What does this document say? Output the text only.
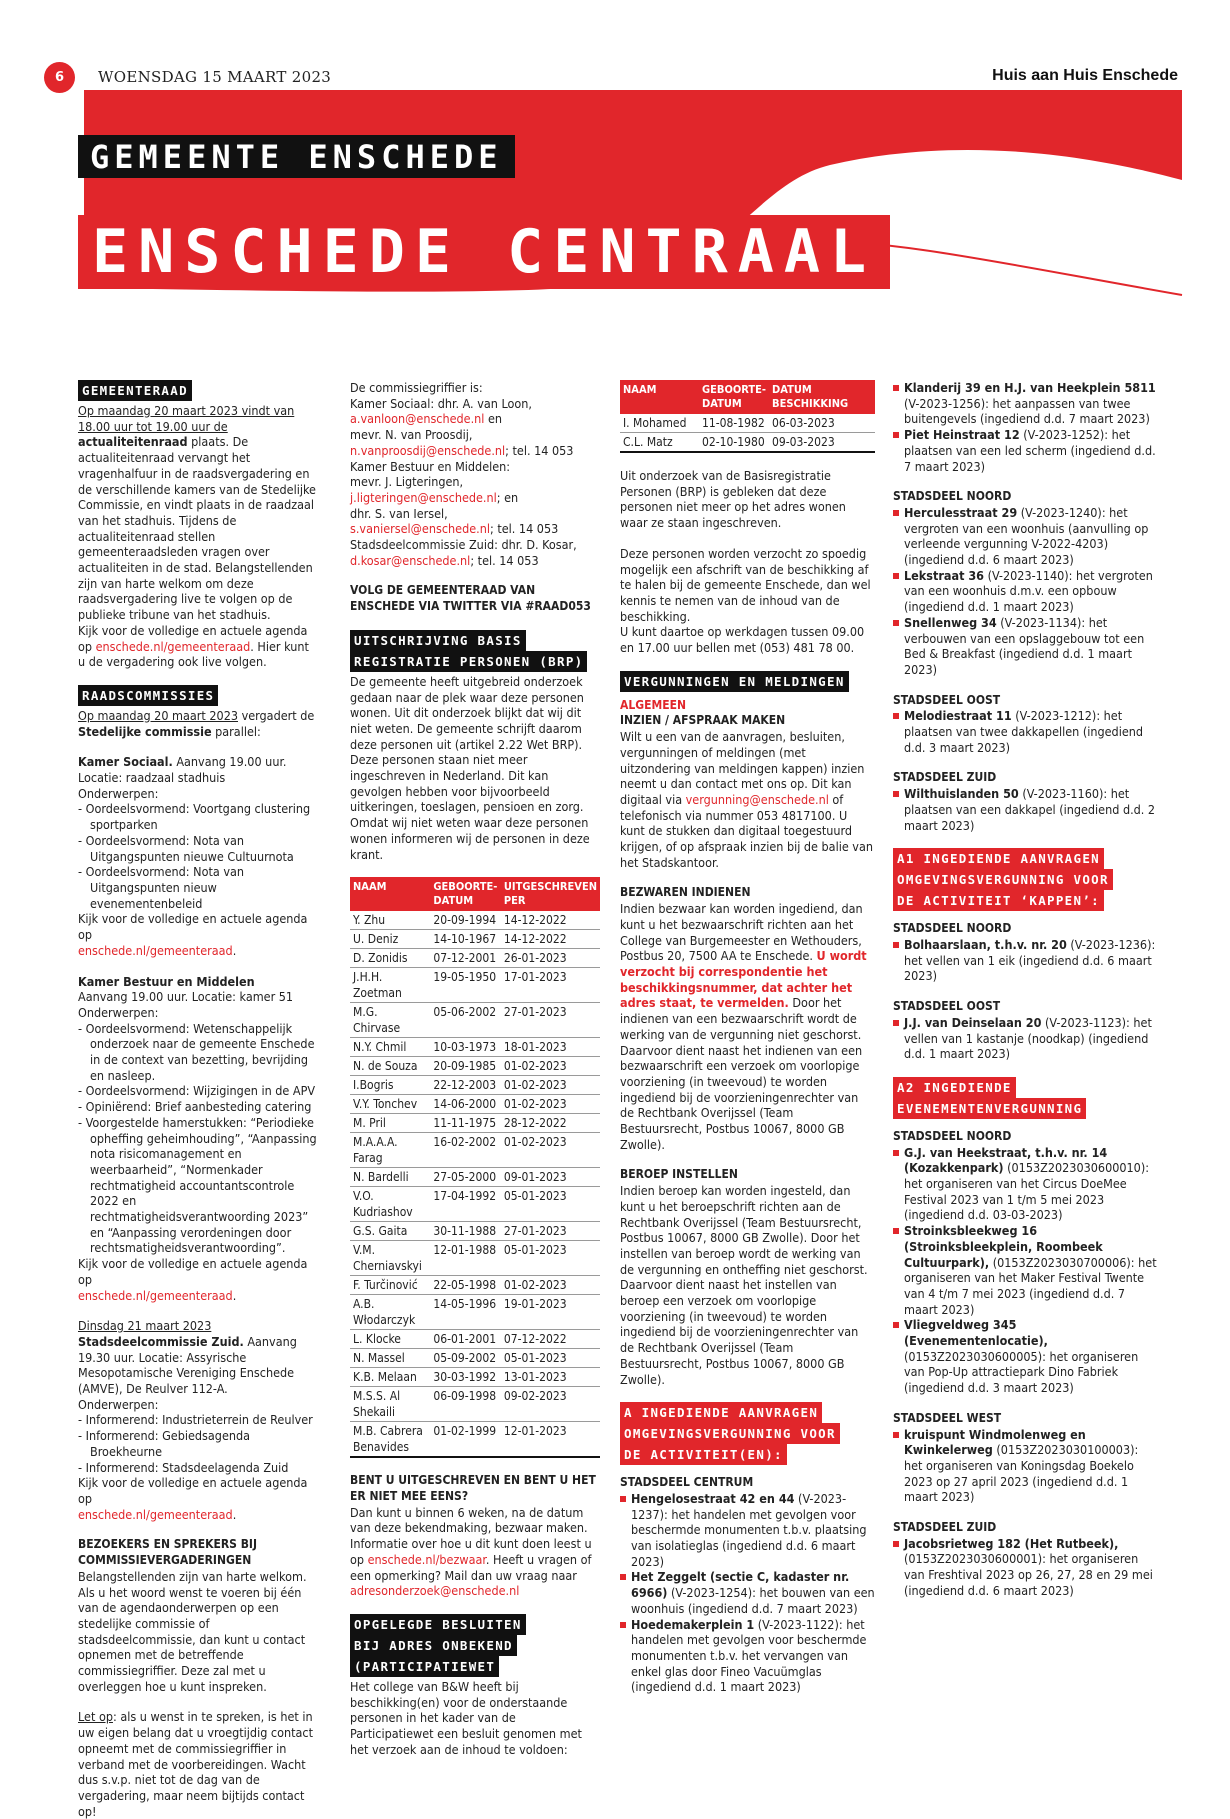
6	WOENSDAG 15 MAART 2023	Huis aan Huis Enschede
GEMEENTE ENSCHEDE
ENSCHEDE CENTRAAL
GEMEENTERAAD

Op maandag 20 maart 2023 vindt van 18.00 uur tot 19.00 uur de actualiteitenraad plaats. De actualiteitenraad vervangt het vragenhalfuur in de raadsvergadering en de verschillende kamers van de Stedelijke Commissie, en vindt plaats in de raadzaal van het stadhuis. Tijdens de actualiteitenraad stellen gemeenteraadsleden vragen over actualiteiten in de stad. Belangstellenden zijn van harte welkom om deze raadsvergadering live te volgen op de publieke tribune van het stadhuis.

Kijk voor de volledige en actuele agenda op enschede.nl/gemeenteraad. Hier kunt u de vergadering ook live volgen.

RAADSCOMMISSIES

Op maandag 20 maart 2023 vergadert de Stedelijke commissie parallel:

Kamer Sociaal. Aanvang 19.00 uur. Locatie: raadzaal stadhuis

Onderwerpen:

- Oordeelsvormend: Voortgang clustering sportparken
- Oordeelsvormend: Nota van Uitgangspunten nieuwe Cultuurnota
- Oordeelsvormend: Nota van Uitgangspunten nieuw evenementenbeleid

Kijk voor de volledige en actuele agenda op

enschede.nl/gemeenteraad.

Kamer Bestuur en Middelen

Aanvang 19.00 uur. Locatie: kamer 51

Onderwerpen:

- Oordeelsvormend: Wetenschappelijk onderzoek naar de gemeente Enschede in de context van bezetting, bevrijding en nasleep.
- Oordeelsvormend: Wijzigingen in de APV
- Opiniërend: Brief aanbesteding catering
- Voorgestelde hamerstukken: “Periodieke opheffing geheimhouding”, “Aanpassing nota risicomanagement en weerbaarheid”, “Normenkader rechtmatigheid accountantscontrole 2022 en rechtmatigheidsverantwoording 2023” en “Aanpassing verordeningen door rechtsmatigheidsverantwoording”.

Kijk voor de volledige en actuele agenda op

enschede.nl/gemeenteraad.

Dinsdag 21 maart 2023

Stadsdeelcommissie Zuid. Aanvang 19.30 uur. Locatie: Assyrische Mesopotamische Vereniging Enschede (AMVE), De Reulver 112-A.

Onderwerpen:

- Informerend: Industrieterrein de Reulver
- Informerend: Gebiedsagenda Broekheurne
- Informerend: Stadsdeelagenda Zuid

Kijk voor de volledige en actuele agenda op

enschede.nl/gemeenteraad.

BEZOEKERS EN SPREKERS BIJ COMMISSIEVERGADERINGEN

Belangstellenden zijn van harte welkom. Als u het woord wenst te voeren bij één van de agendaonderwerpen op een stedelijke commissie of stadsdeelcommissie, dan kunt u contact opnemen met de betreffende commissiegriffier. Deze zal met u overleggen hoe u kunt inspreken.

Let op: als u wenst in te spreken, is het in uw eigen belang dat u vroegtijdig contact opneemt met de commissiegriffier in verband met de voorbereidingen. Wacht dus s.v.p. niet tot de dag van de vergadering, maar neem bijtijds contact op!

De commissiegriffier is:

Kamer Sociaal: dhr. A. van Loon,

a.vanloon@enschede.nl en

mevr. N. van Proosdij,

n.vanproosdij@enschede.nl; tel. 14 053

Kamer Bestuur en Middelen:

mevr. J. Ligteringen,

j.ligteringen@enschede.nl; en

dhr. S. van Iersel,

s.vaniersel@enschede.nl; tel. 14 053

Stadsdeelcommissie Zuid: dhr. D. Kosar,

d.kosar@enschede.nl; tel. 14 053

VOLG DE GEMEENTERAAD VAN ENSCHEDE VIA TWITTER VIA #RAAD053

UITSCHRIJVING BASIS
REGISTRATIE PERSONEN (BRP)

De gemeente heeft uitgebreid onderzoek gedaan naar de plek waar deze personen wonen. Uit dit onderzoek blijkt dat wij dit niet weten. De gemeente schrijft daarom deze personen uit (artikel 2.22 Wet BRP). Deze personen staan niet meer ingeschreven in Nederland. Dit kan gevolgen hebben voor bijvoorbeeld uitkeringen, toeslagen, pensioen en zorg. Omdat wij niet weten waar deze personen wonen informeren wij de personen in deze krant.

NAAM	GEBOORTE-DATUM	UITGESCHREVEN PER
Y. Zhu	20-09-1994	14-12-2022
U. Deniz	14-10-1967	14-12-2022
D. Zonidis	07-12-2001	26-01-2023
J.H.H. Zoetman	19-05-1950	17-01-2023
M.G. Chirvase	05-06-2002	27-01-2023
N.Y. Chmil	10-03-1973	18-01-2023
N. de Souza	20-09-1985	01-02-2023
I.Bogris	22-12-2003	01-02-2023
V.Y. Tonchev	14-06-2000	01-02-2023
M. Pril	11-11-1975	28-12-2022
M.A.A.A. Farag	16-02-2002	01-02-2023
N. Bardelli	27-05-2000	09-01-2023
V.O. Kudriashov	17-04-1992	05-01-2023
G.S. Gaita	30-11-1988	27-01-2023
V.M. Cherniavskyi	12-01-1988	05-01-2023
F. Turčinović	22-05-1998	01-02-2023
A.B. Włodarczyk	14-05-1996	19-01-2023
L. Klocke	06-01-2001	07-12-2022
N. Massel	05-09-2002	05-01-2023
K.B. Melaan	30-03-1992	13-01-2023
M.S.S. Al Shekaili	06-09-1998	09-02-2023
M.B. Cabrera Benavides	01-02-1999	12-01-2023

BENT U UITGESCHREVEN EN BENT U HET ER NIET MEE EENS?

Dan kunt u binnen 6 weken, na de datum van deze bekendmaking, bezwaar maken. Informatie over hoe u dit kunt doen leest u op enschede.nl/bezwaar. Heeft u vragen of een opmerking? Mail dan uw vraag naar adresonderzoek@enschede.nl

OPGELEGDE BESLUITEN
BIJ ADRES ONBEKEND
(PARTICIPATIEWET

Het college van B&W heeft bij beschikking(en) voor de onderstaande personen in het kader van de Participatiewet een besluit genomen met het verzoek aan de inhoud te voldoen:

NAAM	GEBOORTE-DATUM	DATUM BESCHIKKING
I. Mohamed	11-08-1982	06-03-2023
C.L. Matz	02-10-1980	09-03-2023

Uit onderzoek van de Basisregistratie Personen (BRP) is gebleken dat deze personen niet meer op het adres wonen waar ze staan ingeschreven.

Deze personen worden verzocht zo spoedig mogelijk een afschrift van de beschikking af te halen bij de gemeente Enschede, dan wel kennis te nemen van de inhoud van de beschikking.

U kunt daartoe op werkdagen tussen 09.00 en 17.00 uur bellen met (053) 481 78 00.

VERGUNNINGEN EN MELDINGEN

ALGEMEEN

INZIEN / AFSPRAAK MAKEN

Wilt u een van de aanvragen, besluiten, vergunningen of meldingen (met uitzondering van meldingen kappen) inzien neemt u dan contact met ons op. Dit kan digitaal via vergunning@enschede.nl of telefonisch via nummer 053 4817100. U kunt de stukken dan digitaal toegestuurd krijgen, of op afspraak inzien bij de balie van het Stadskantoor.

BEZWAREN INDIENEN

Indien bezwaar kan worden ingediend, dan kunt u het bezwaarschrift richten aan het College van Burgemeester en Wethouders, Postbus 20, 7500 AA te Enschede. U wordt verzocht bij correspondentie het beschikkingsnummer, dat achter het adres staat, te vermelden. Door het indienen van een bezwaarschrift wordt de werking van de vergunning niet geschorst. Daarvoor dient naast het indienen van een bezwaarschrift een verzoek om voorlopige voorziening (in tweevoud) te worden ingediend bij de voorzieningenrechter van de Rechtbank Overijssel (Team Bestuursrecht, Postbus 10067, 8000 GB Zwolle).

BEROEP INSTELLEN

Indien beroep kan worden ingesteld, dan kunt u het beroepschrift richten aan de Rechtbank Overijssel (Team Bestuursrecht, Postbus 10067, 8000 GB Zwolle). Door het instellen van beroep wordt de werking van de vergunning en ontheffing niet geschorst. Daarvoor dient naast het instellen van beroep een verzoek om voorlopige voorziening (in tweevoud) te worden ingediend bij de voorzieningenrechter van de Rechtbank Overijssel (Team Bestuursrecht, Postbus 10067, 8000 GB Zwolle).

A INGEDIENDE AANVRAGEN
OMGEVINGSVERGUNNING VOOR
DE ACTIVITEIT(EN):

STADSDEEL CENTRUM

Hengelosestraat 42 en 44 (V-2023-1237): het handelen met gevolgen voor beschermde monumenten t.b.v. plaatsing van isolatieglas (ingediend d.d. 6 maart 2023)
Het Zeggelt (sectie C, kadaster nr. 6966) (V-2023-1254): het bouwen van een woonhuis (ingediend d.d. 7 maart 2023)
Hoedemakerplein 1 (V-2023-1122): het handelen met gevolgen voor beschermde monumenten t.b.v. het vervangen van enkel glas door Fineo Vacuümglas (ingediend d.d. 1 maart 2023)
Klanderij 39 en H.J. van Heekplein 5811 (V-2023-1256): het aanpassen van twee buitengevels (ingediend d.d. 7 maart 2023)
Piet Heinstraat 12 (V-2023-1252): het plaatsen van een led scherm (ingediend d.d. 7 maart 2023)

STADSDEEL NOORD

Herculesstraat 29 (V-2023-1240): het vergroten van een woonhuis (aanvulling op verleende vergunning V-2022-4203) (ingediend d.d. 6 maart 2023)
Lekstraat 36 (V-2023-1140): het vergroten van een woonhuis d.m.v. een opbouw (ingediend d.d. 1 maart 2023)
Snellenweg 34 (V-2023-1134): het verbouwen van een opslaggebouw tot een Bed & Breakfast (ingediend d.d. 1 maart 2023)

STADSDEEL OOST

Melodiestraat 11 (V-2023-1212): het plaatsen van twee dakkapellen (ingediend d.d. 3 maart 2023)

STADSDEEL ZUID

Wilthuislanden 50 (V-2023-1160): het plaatsen van een dakkapel (ingediend d.d. 2 maart 2023)
A1 INGEDIENDE AANVRAGEN
OMGEVINGSVERGUNNING VOOR
DE ACTIVITEIT ‘KAPPEN’:

STADSDEEL NOORD

Bolhaarslaan, t.h.v. nr. 20 (V-2023-1236): het vellen van 1 eik (ingediend d.d. 6 maart 2023)

STADSDEEL OOST

J.J. van Deinselaan 20 (V-2023-1123): het vellen van 1 kastanje (noodkap) (ingediend d.d. 1 maart 2023)
A2 INGEDIENDE
EVENEMENTENVERGUNNING

STADSDEEL NOORD

G.J. van Heekstraat, t.h.v. nr. 14 (Kozakkenpark) (0153Z2023030600010): het organiseren van het Circus DoeMee Festival 2023 van 1 t/m 5 mei 2023 (ingediend d.d. 03-03-2023)
Stroinksbleekweg 16 (Stroinksbleekplein, Roombeek Cultuurpark), (0153Z2023030700006): het organiseren van het Maker Festival Twente van 4 t/m 7 mei 2023 (ingediend d.d. 7 maart 2023)
Vliegveldweg 345 (Evenementenlocatie), (0153Z2023030600005): het organiseren van Pop-Up attractiepark Dino Fabriek (ingediend d.d. 3 maart 2023)

STADSDEEL WEST

kruispunt Windmolenweg en Kwinkelerweg (0153Z2023030100003): het organiseren van Koningsdag Boekelo 2023 op 27 april 2023 (ingediend d.d. 1 maart 2023)

STADSDEEL ZUID

Jacobsrietweg 182 (Het Rutbeek), (0153Z2023030600001): het organiseren van Freshtival 2023 op 26, 27, 28 en 29 mei (ingediend d.d. 6 maart 2023)
